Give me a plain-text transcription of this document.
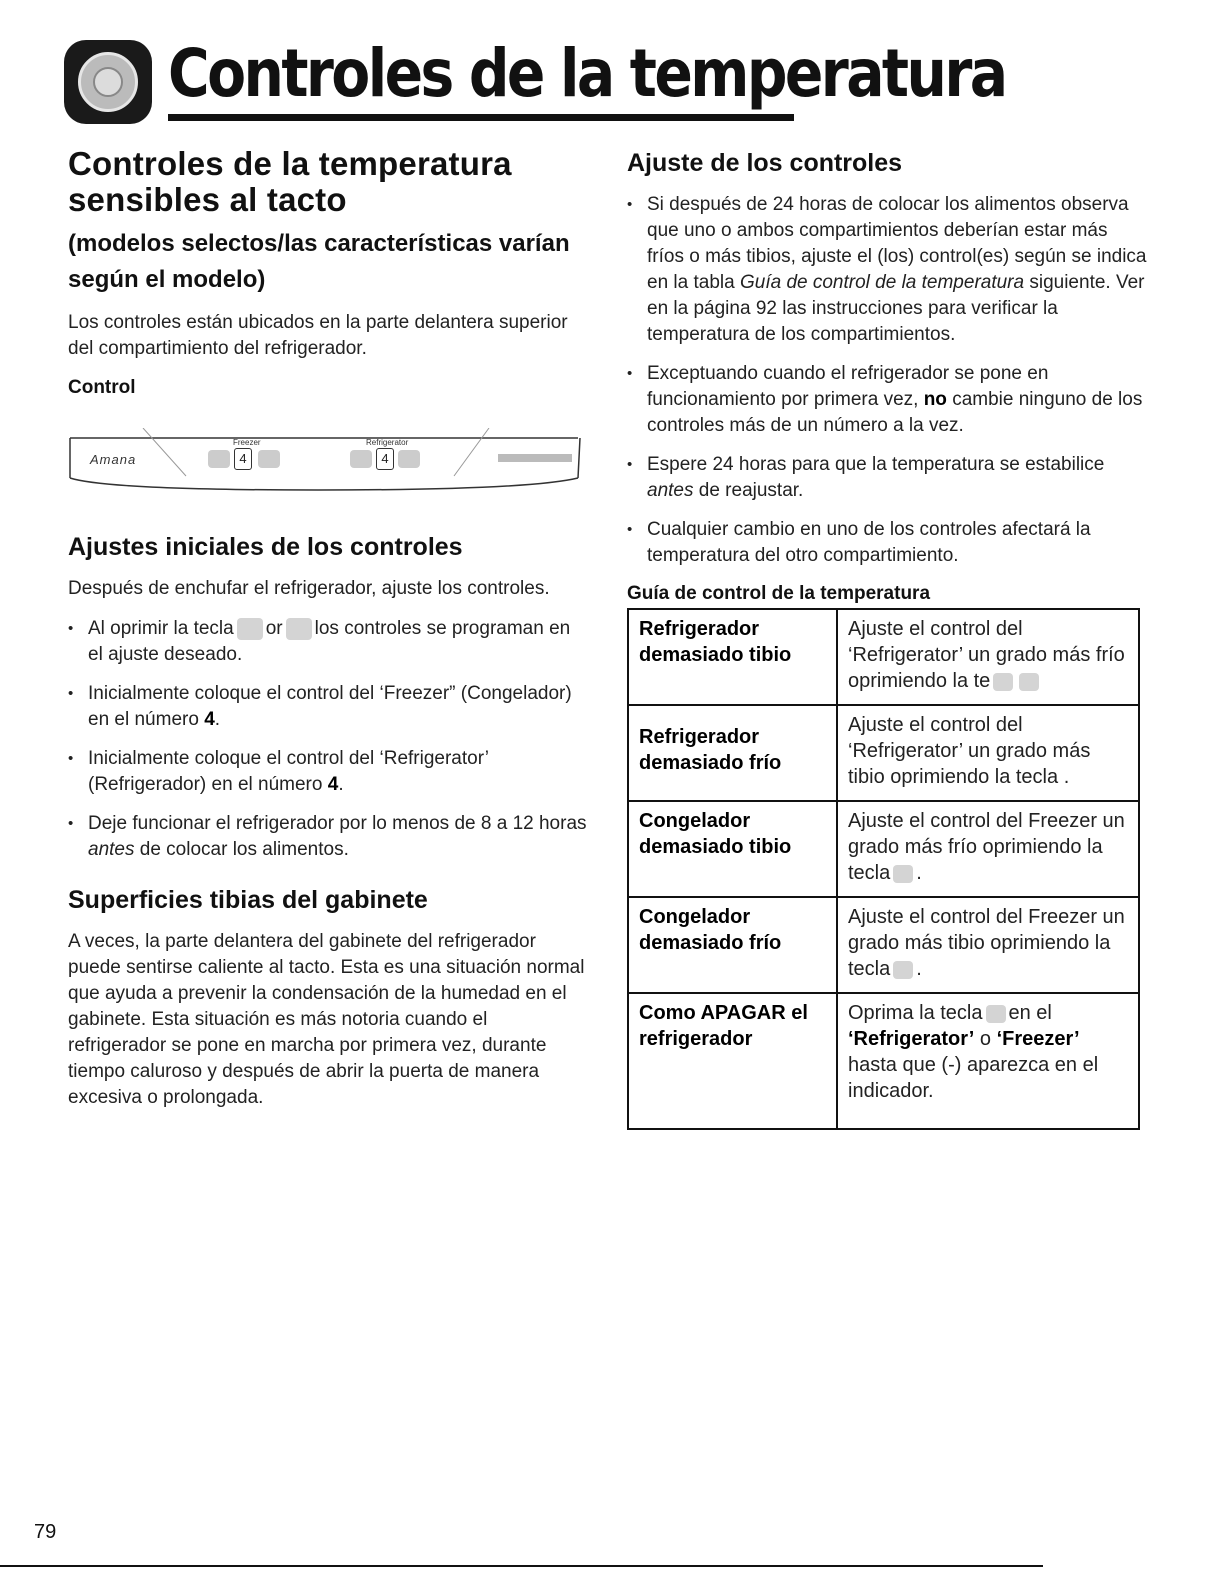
Controles de la temperatura
Controles de la temperatura sensibles al tacto
(modelos selectos/las características varían según el modelo)

Los controles están ubicados en la parte delantera superior del compartimiento del refrigerador.

Control
Amana
Freezer	Refrigerator
4	4
Ajustes iniciales de los controles

Después de enchufar el refrigerador, ajuste los controles.

• Al oprimir la tecla or los controles se programan en el ajuste deseado.
• Inicialmente coloque el control del ‘Freezer” (Congelador) en el número 4.
• Inicialmente coloque el control del ‘Refrigerator’ (Refrigerador) en el número 4.
• Deje funcionar el refrigerador por lo menos de 8 a 12 horas antes de colocar los alimentos.
Superficies tibias del gabinete

A veces, la parte delantera del gabinete del refrigerador puede sentirse caliente al tacto. Esta es una situación normal que ayuda a prevenir la condensación de la humedad en el gabinete. Esta situación es más notoria cuando el refrigerador se pone en marcha por primera vez, durante tiempo caluroso y después de abrir la puerta de manera excesiva o prolongada.

Ajuste de los controles
• Si después de 24 horas de colocar los alimentos observa que uno o ambos compartimientos deberían estar más fríos o más tibios, ajuste el (los) control(es) según se indica en la tabla Guía de control de la temperatura siguiente. Ver en la página 92 las instrucciones para verificar la temperatura de los compartimientos.
• Exceptuando cuando el refrigerador se pone en funcionamiento por primera vez, no cambie ninguno de los controles más de un número a la vez.
• Espere 24 horas para que la temperatura se estabilice antes de reajustar.
• Cualquier cambio en uno de los controles afectará la temperatura del otro compartimiento.
Guía de control de la temperatura
Refrigerador demasiado tibio	Ajuste el control del ‘Refrigerator’ un grado más frío oprimiendo la te
Refrigerador demasiado frío	Ajuste el control del ‘Refrigerator’ un grado más tibio oprimiendo la tecla .
Congelador demasiado tibio	Ajuste el control del Freezer un grado más frío oprimiendo la tecla .
Congelador demasiado frío	Ajuste el control del Freezer un grado más tibio oprimiendo la tecla .
Como APAGAR el refrigerador	Oprima la tecla en el ‘Refrigerator’ o ‘Freezer’ hasta que (-) aparezca en el indicador.
79
